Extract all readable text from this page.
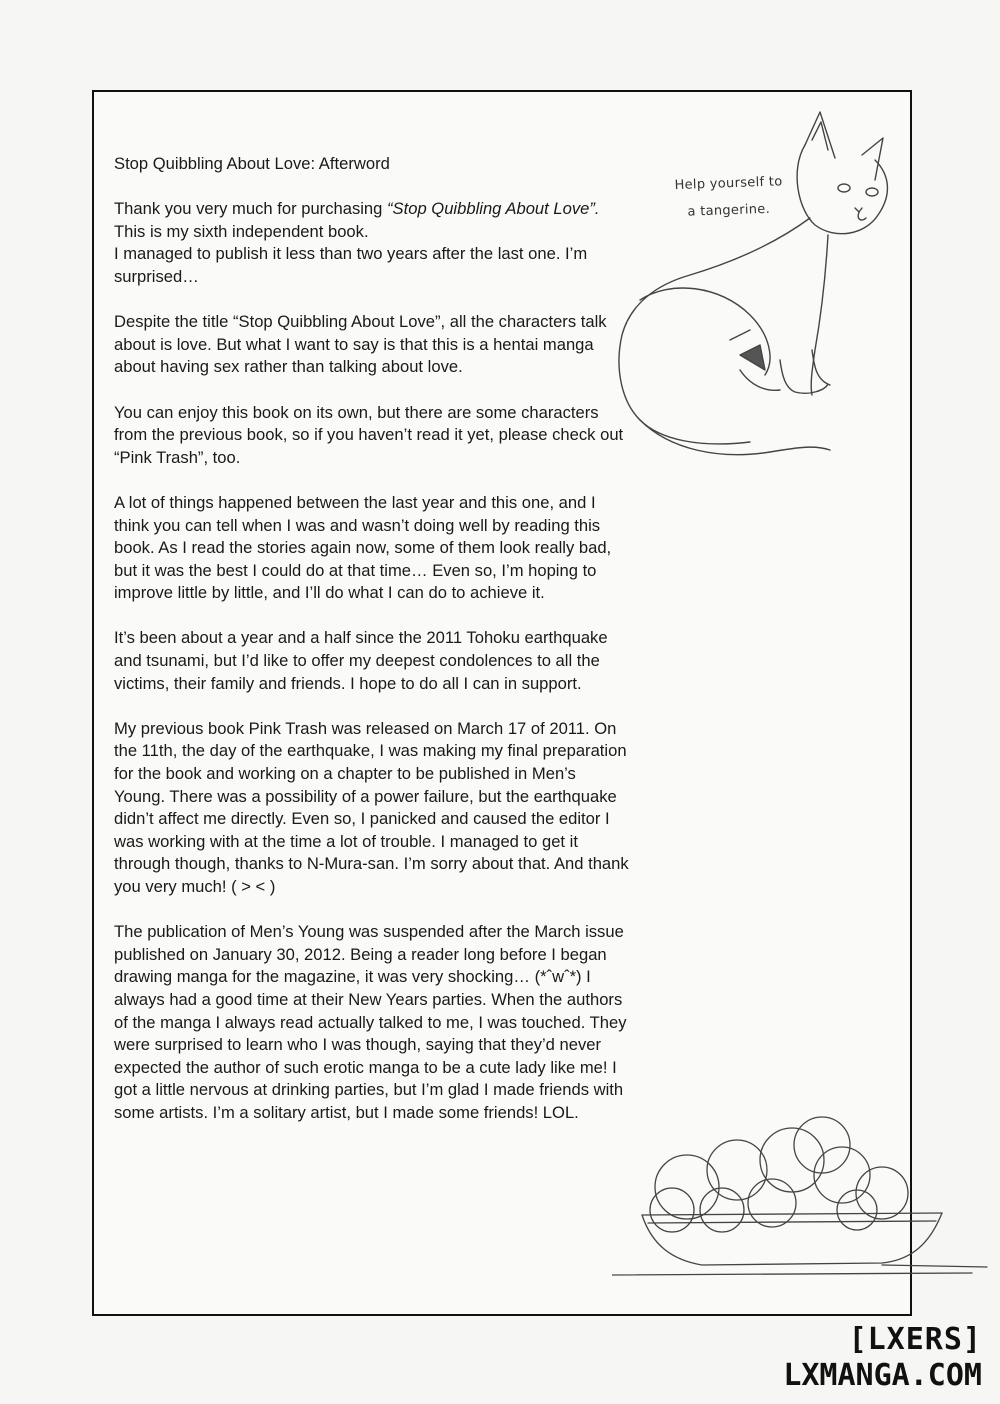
Stop Quibbling About Love: Afterword

Thank you very much for purchasing “Stop Quibbling About Love”. This is my sixth independent book.
I managed to publish it less than two years after the last one. I’m surprised…

Despite the title “Stop Quibbling About Love”, all the characters talk about is love. But what I want to say is that this is a hentai manga about having sex rather than talking about love.

You can enjoy this book on its own, but there are some characters from the previous book, so if you haven’t read it yet, please check out “Pink Trash”, too.

A lot of things happened between the last year and this one, and I think you can tell when I was and wasn’t doing well by reading this book. As I read the stories again now, some of them look really bad, but it was the best I could do at that time… Even so, I’m hoping to improve little by little, and I’ll do what I can do to achieve it.

It’s been about a year and a half since the 2011 Tohoku earthquake and tsunami, but I’d like to offer my deepest condolences to all the victims, their family and friends. I hope to do all I can in support.

My previous book Pink Trash was released on March 17 of 2011. On the 11th, the day of the earthquake, I was making my final preparation for the book and working on a chapter to be published in Men’s Young. There was a possibility of a power failure, but the earthquake didn’t affect me directly. Even so, I panicked and caused the editor I was working with at the time a lot of trouble. I managed to get it through though, thanks to N-Mura-san. I’m sorry about that. And thank you very much! ( > < )

The publication of Men’s Young was suspended after the March issue published on January 30, 2012. Being a reader long before I began drawing manga for the magazine, it was very shocking… (*ˆwˆ*) I always had a good time at their New Years parties. When the authors of the manga I always read actually talked to me, I was touched. They were surprised to learn who I was though, saying that they’d never expected the author of such erotic manga to be a cute lady like me! I got a little nervous at drinking parties, but I’m glad I made friends with some artists. I’m a solitary artist, but I made some friends! LOL.

Help yourself to
a tangerine.
[LXERS]
LXMANGA.COM
